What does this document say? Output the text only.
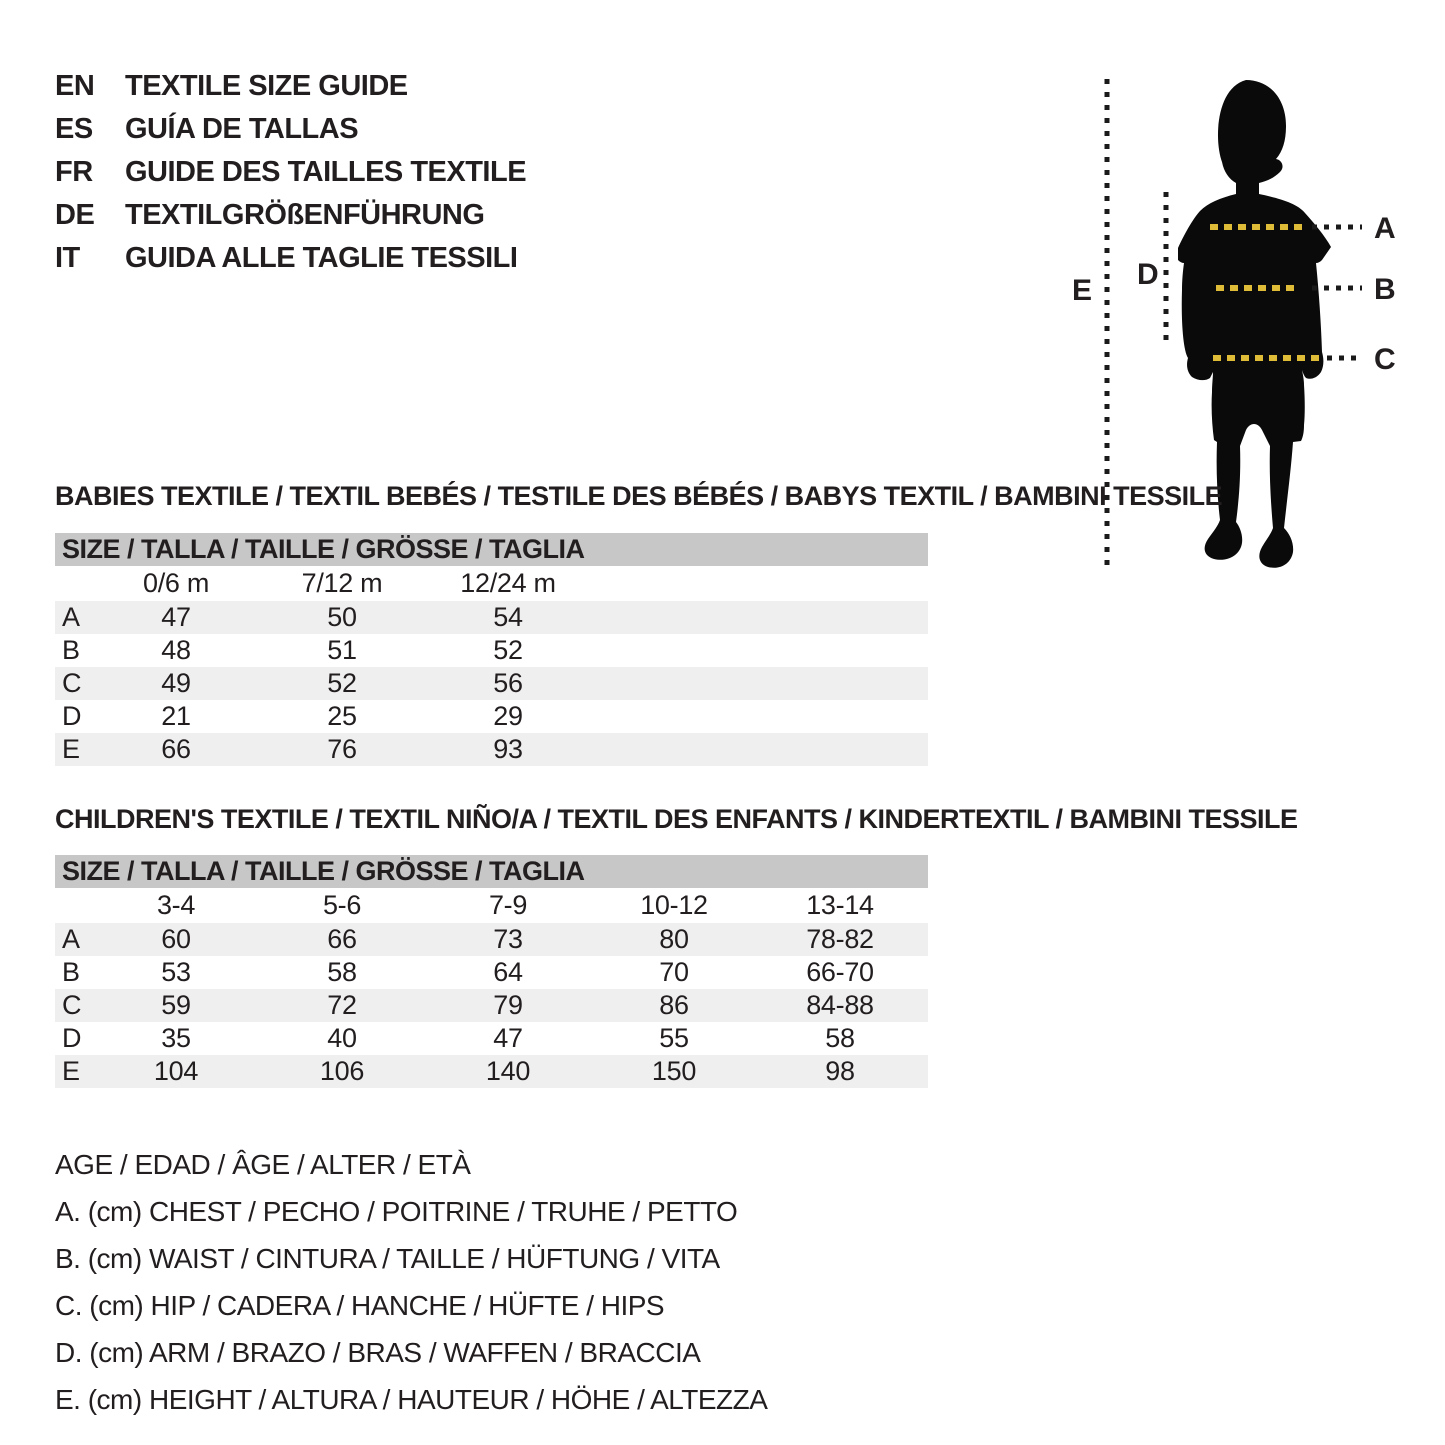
EN	TEXTILE SIZE GUIDE
ES	GUÍA DE TALLAS
FR	GUIDE DES TAILLES TEXTILE
DE	TEXTILGRÖßENFÜHRUNG
IT	GUIDA ALLE TAGLIE TESSILI
A
B
C
D
E
BABIES TEXTILE / TEXTIL BEBÉS / TESTILE DES BÉBÉS / BABYS TEXTIL / BAMBINI TESSILE
SIZE / TALLA / TAILLE / GRÖSSE / TAGLIA
0/6 m	7/12 m	12/24 m
A	47	50	54
B	48	51	52
C	49	52	56
D	21	25	29
E	66	76	93
CHILDREN'S TEXTILE / TEXTIL NIÑO/A / TEXTIL DES ENFANTS / KINDERTEXTIL / BAMBINI TESSILE
SIZE / TALLA / TAILLE / GRÖSSE / TAGLIA
3-4	5-6	7-9	10-12	13-14
A	60	66	73	80	78-82
B	53	58	64	70	66-70
C	59	72	79	86	84-88
D	35	40	47	55	58
E	104	106	140	150	98
AGE / EDAD / ÂGE / ALTER / ETÀ
A. (cm) CHEST / PECHO / POITRINE / TRUHE / PETTO
B. (cm) WAIST / CINTURA / TAILLE / HÜFTUNG / VITA
C. (cm) HIP / CADERA / HANCHE / HÜFTE / HIPS
D. (cm) ARM / BRAZO / BRAS / WAFFEN / BRACCIA
E. (cm) HEIGHT / ALTURA / HAUTEUR / HÖHE / ALTEZZA
